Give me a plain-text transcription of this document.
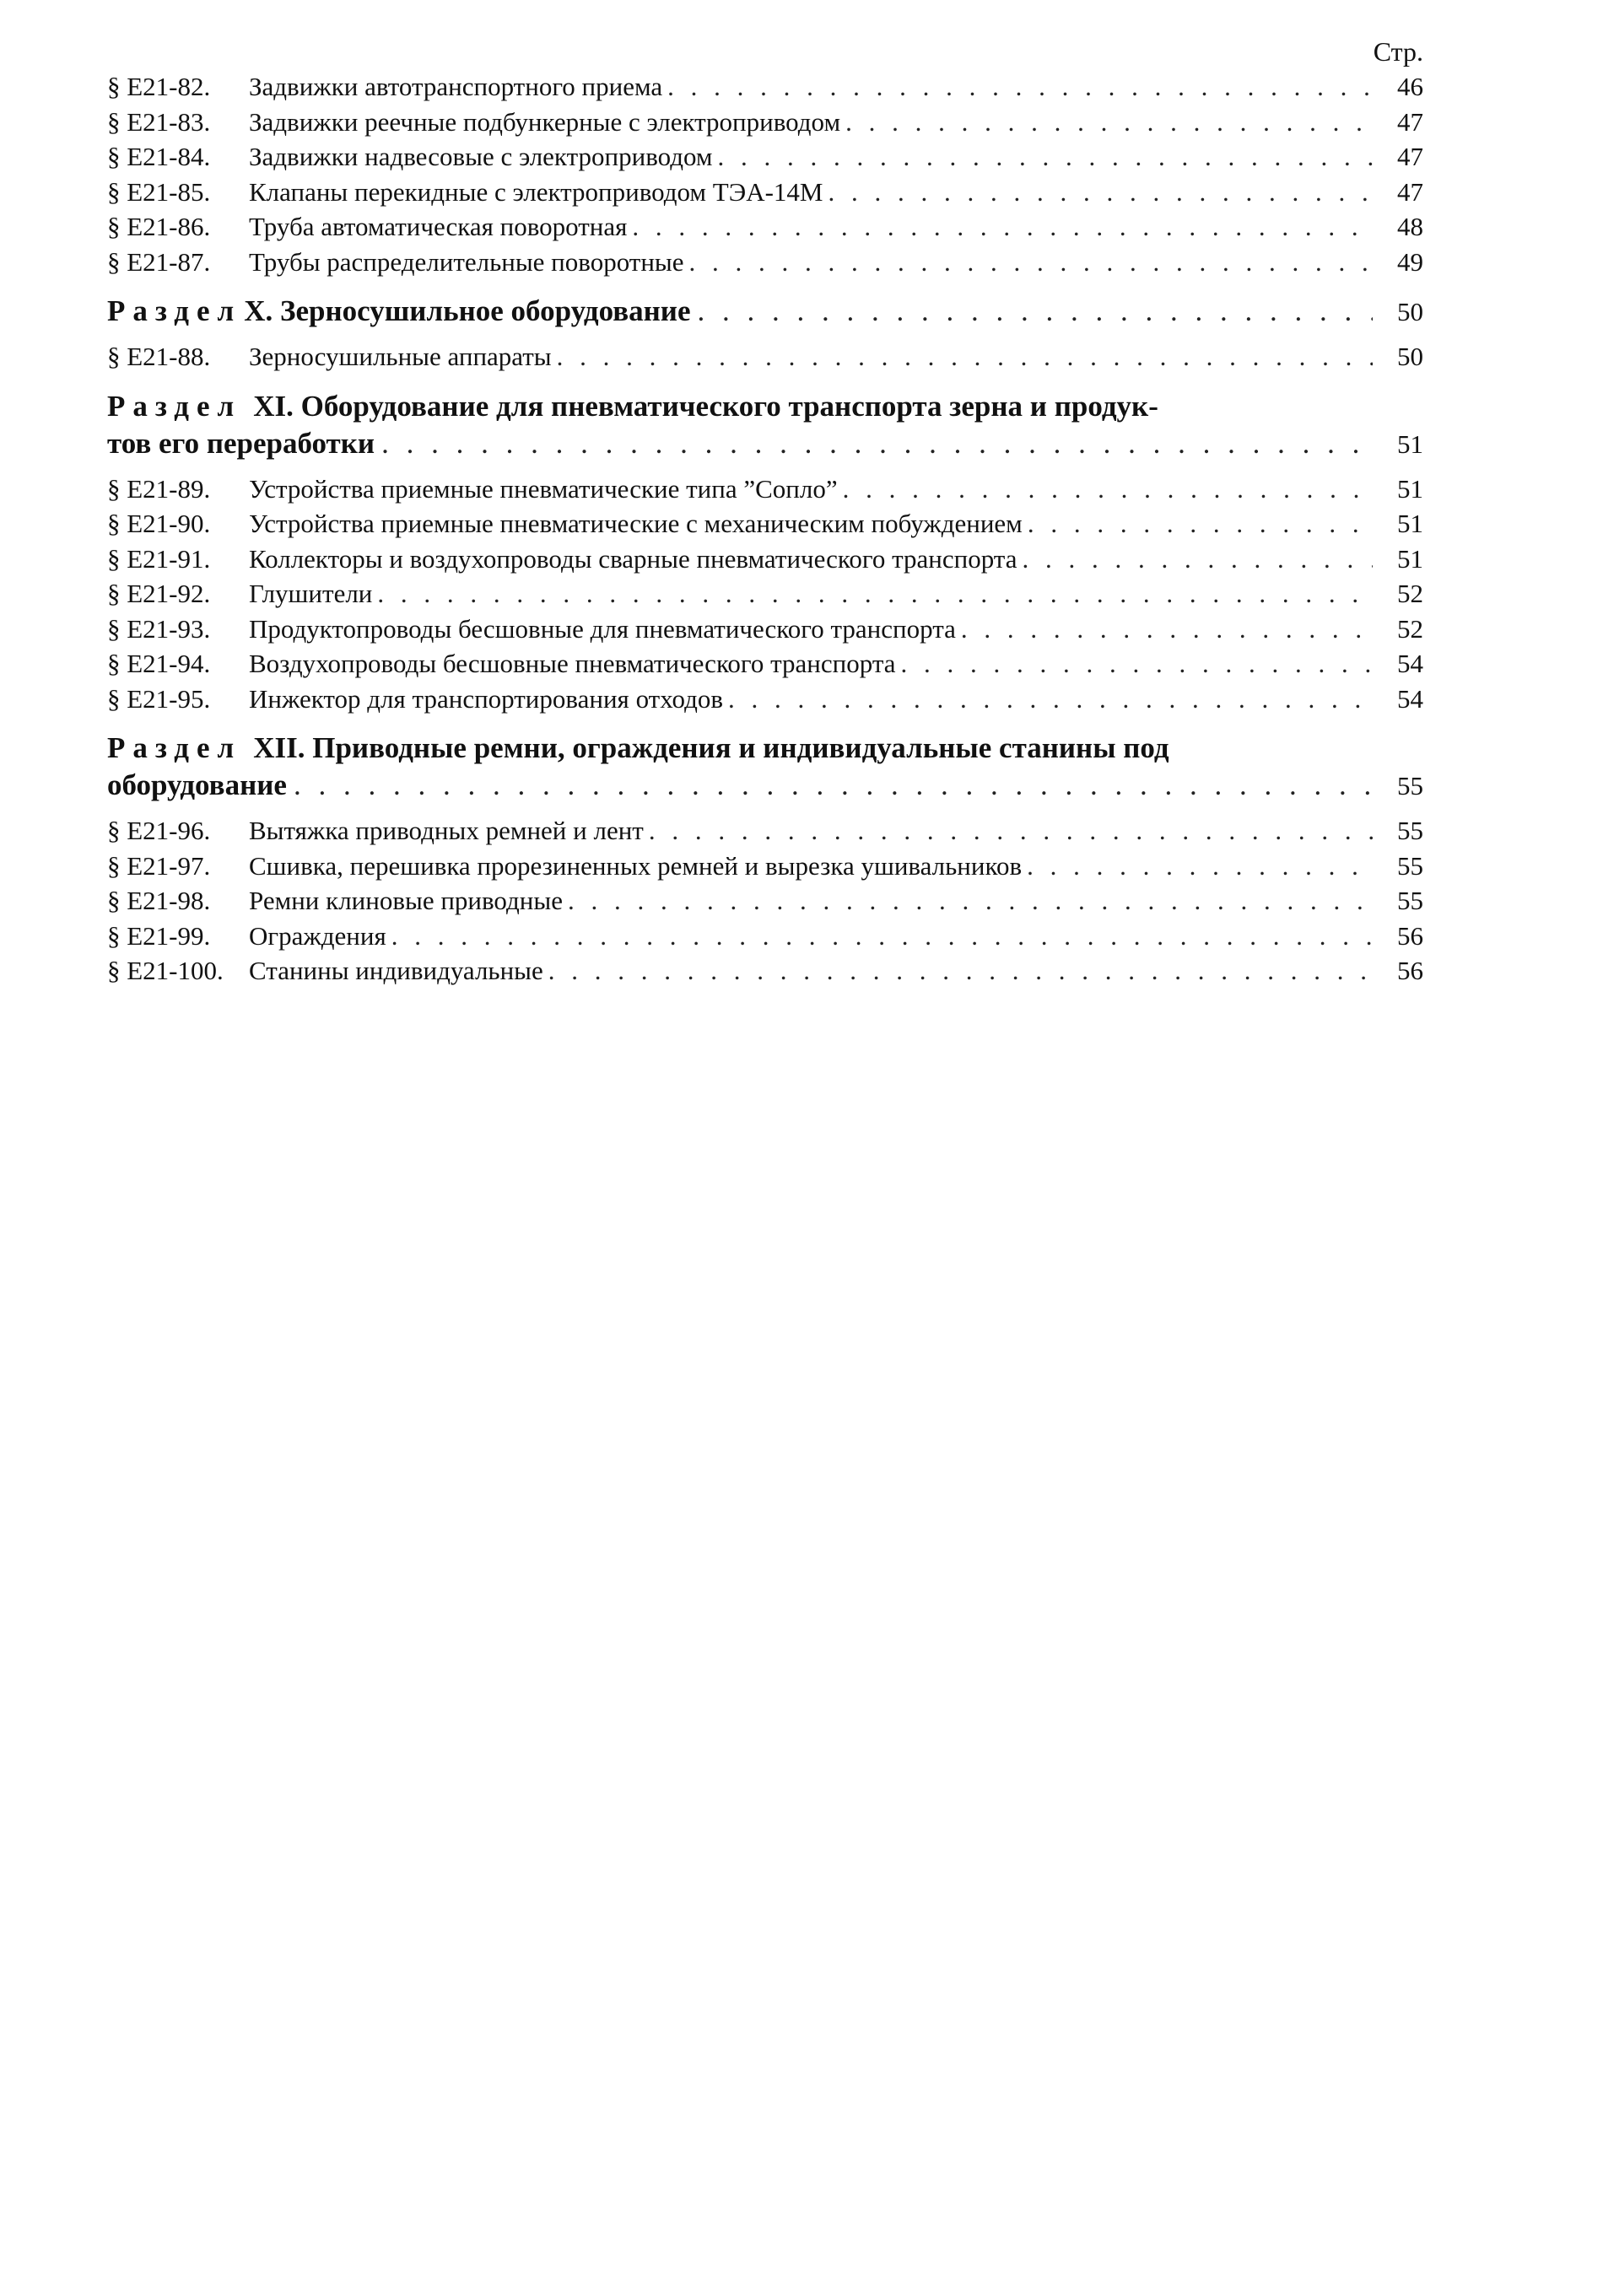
Стр.
§ Е21-82.	Задвижки автотранспортного приема . . .	46
§ Е21-83.	Задвижки реечные подбункерные с электроприводом . . .	47
§ Е21-84.	Задвижки надвесовые с электроприводом . . .	47
§ Е21-85.	Клапаны перекидные с электроприводом ТЭА-14М . . .	47
§ Е21-86.	Труба автоматическая поворотная . . .	48
§ Е21-87.	Трубы распределительные поворотные . . .	49
Раздел X. Зерносушильное оборудование . . .	50
§ Е21-88.	Зерносушильные аппараты . . .	50
Раздел XI. Оборудование для пневматического транспорта зерна и продук-
тов его переработки . . .	51
§ Е21-89.	Устройства приемные пневматические типа ”Сопло” . . .	51
§ Е21-90.	Устройства приемные пневматические с механическим побуждением . . .	51
§ Е21-91.	Коллекторы и воздухопроводы сварные пневматического транспорта . . .	51
§ Е21-92.	Глушители . . .	52
§ Е21-93.	Продуктопроводы бесшовные для пневматического транспорта . . .	52
§ Е21-94.	Воздухопроводы бесшовные пневматического транспорта . . .	54
§ Е21-95.	Инжектор для транспортирования отходов . . .	54
Раздел XII. Приводные ремни, ограждения и индивидуальные станины под
оборудование . . .	55
§ Е21-96.	Вытяжка приводных ремней и лент . . .	55
§ Е21-97.	Сшивка, перешивка прорезиненных ремней и вырезка ушивальников . . .	55
§ Е21-98.	Ремни клиновые приводные . . .	55
§ Е21-99.	Ограждения . . .	56
§ Е21-100. Станины индивидуальные . . .	56
